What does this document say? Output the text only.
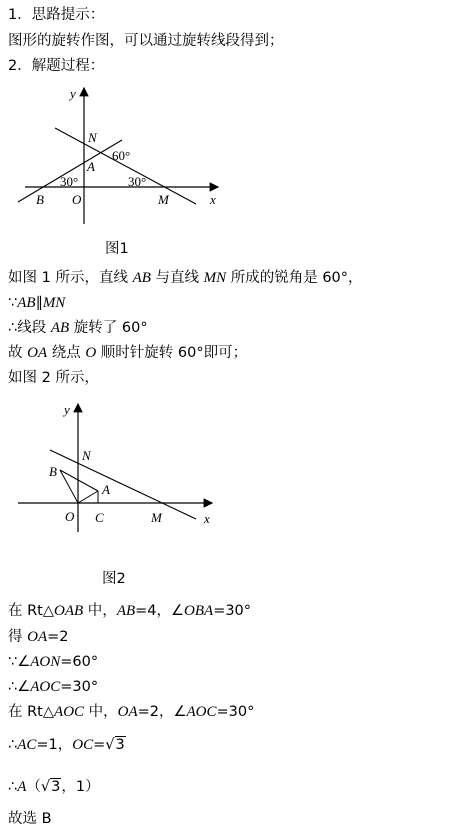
1．思路提示：
图形的旋转作图，可以通过旋转线段得到；
2．解题过程：
y
x
N
A
60°
30°	30°
B O	M
图1
如图 1 所示，直线 AB 与直线 MN 所成的锐角是 60°，
∵AB∥MN
∴线段 AB 旋转了 60°
故 OA 绕点 O 顺时针旋转 60°即可；
如图 2 所示，
y
x
N
B
A
O C	M
图2
在 Rt△OAB 中，AB=4，∠OBA=30°
得 OA=2
∵∠AON=60°
∴∠AOC=30°
在 Rt△AOC 中，OA=2，∠AOC=30°
∴AC=1，OC=√3
∴A（√3，1）
故选 B
